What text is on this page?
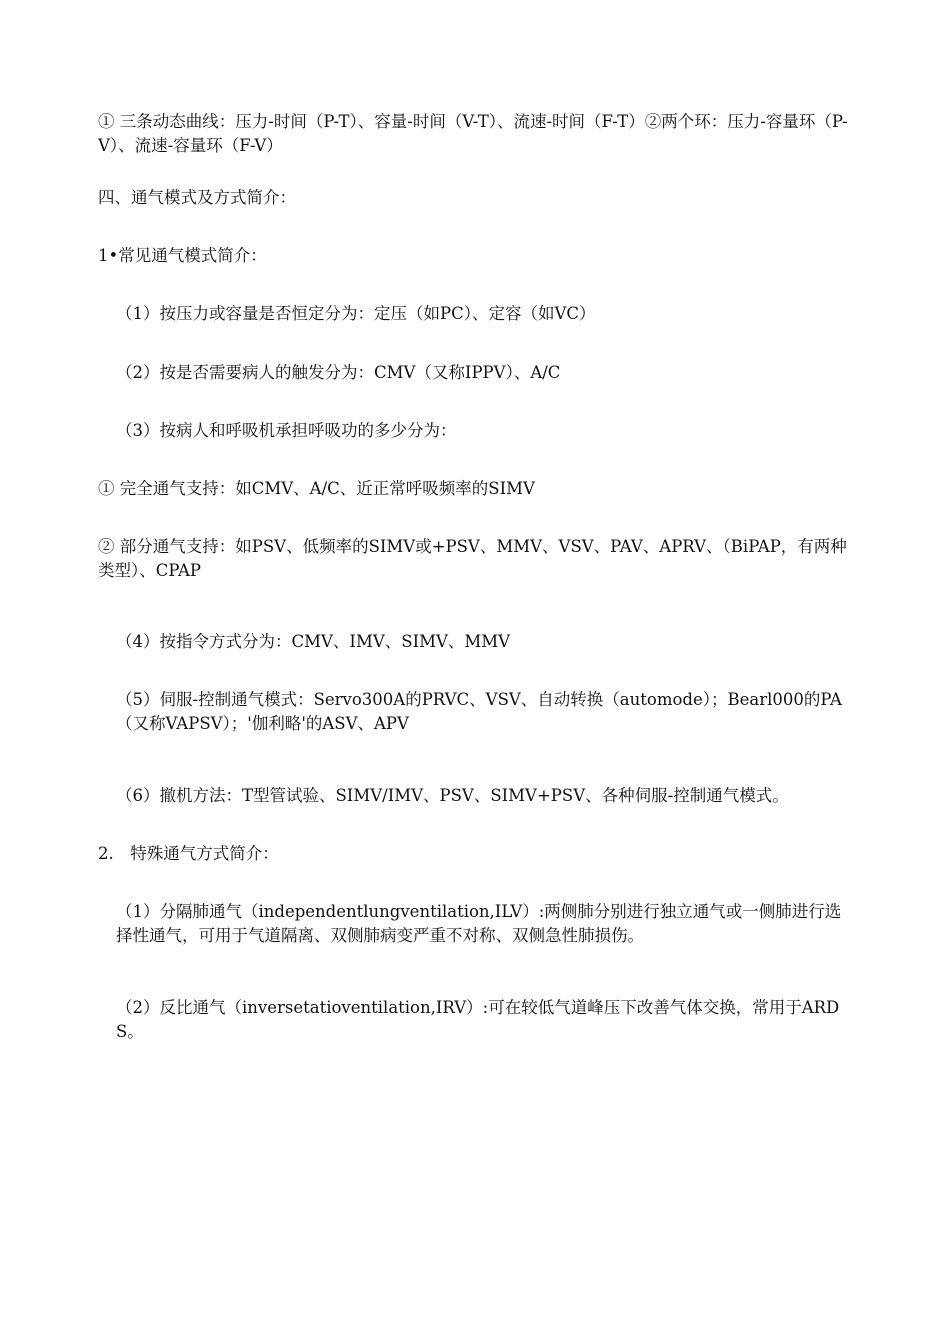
① 三条动态曲线：压力-时间（P-T）、容量-时间（V-T）、流速-时间（F-T）②两个环：压力-容量环（P-V）、流速-容量环（F-V）

四、通气模式及方式简介：

1•常见通气模式简介：

（1）按压力或容量是否恒定分为：定压（如PC）、定容（如VC）

（2）按是否需要病人的触发分为：CMV（又称IPPV）、A/C

（3）按病人和呼吸机承担呼吸功的多少分为：

① 完全通气支持：如CMV、A/C、近正常呼吸频率的SIMV

② 部分通气支持：如PSV、低频率的SIMV或+PSV、MMV、VSV、PAV、APRV、（BiPAP，有两种类型）、CPAP

（4）按指令方式分为：CMV、IMV、SIMV、MMV

（5）伺服-控制通气模式：Servo300A的PRVC、VSV、自动转换（automode）；Bearl000的PA（又称VAPSV）；'伽利略'的ASV、APV

（6）撤机方法：T型管试验、SIMV/IMV、PSV、SIMV+PSV、各种伺服-控制通气模式。

2.　特殊通气方式简介：

（1）分隔肺通气（independentlungventilation,ILV）:两侧肺分别进行独立通气或一侧肺进行选择性通气，可用于气道隔离、双侧肺病变严重不对称、双侧急性肺损伤。

（2）反比通气（inversetatioventilation,IRV）:可在较低气道峰压下改善气体交换，常用于ARDS。
